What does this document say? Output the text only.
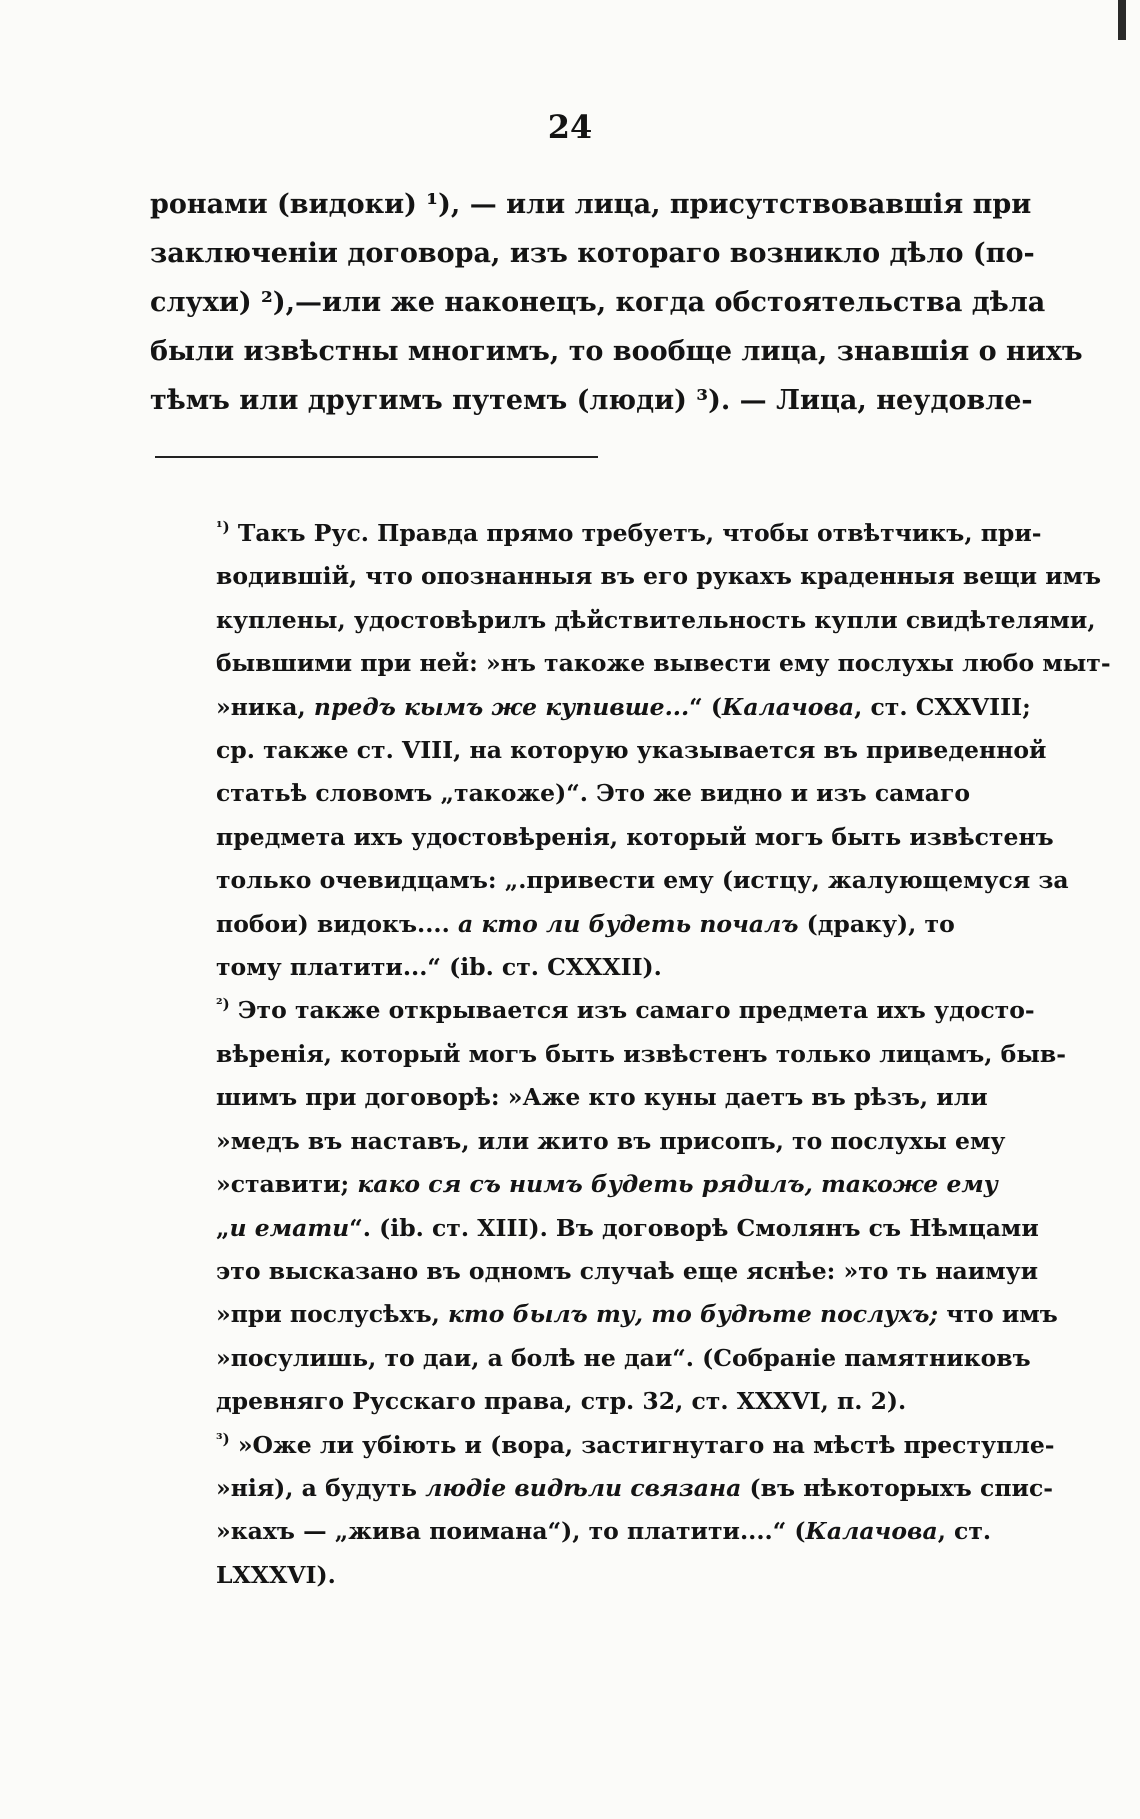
24
ронами (видоки) ¹), — или лица, присутствовавшія при
заключеніи договора, изъ котораго возникло дѣло (по-
слухи) ²),—или же наконецъ, когда обстоятельства дѣла
были извѣстны многимъ, то вообще лица, знавшія о нихъ
тѣмъ или другимъ путемъ (люди) ³). — Лица, неудовле-
$^{^1)}$ Такъ Рус. Правда прямо требуетъ, чтобы отвѣтчикъ, при-
водившій, что опознанныя въ его рукахъ краденныя вещи имъ
куплены, удостовѣрилъ дѣйствительность купли свидѣтелями,
бывшими при ней: »нъ такоже вывести ему послухы любо мыт-
»ника, предъ кымъ же купивше...“ (Калачова, ст. CXXVIII;
ср. также ст. VIII, на которую указывается въ приведенной
статьѣ словомъ „такоже)“. Это же видно и изъ самаго
предмета ихъ удостовѣренія, который могъ быть извѣстенъ
только очевидцамъ: „.привести ему (истцу, жалующемуся за
побои) видокъ.... а кто ли будеть почалъ (драку), то
тому платити...“ (ib. ст. CXXXII).
$^{^2)}$ Это также открывается изъ самаго предмета ихъ удосто-
вѣренія, который могъ быть извѣстенъ только лицамъ, быв-
шимъ при договорѣ: »Аже кто куны даетъ въ рѣзъ, или
»медъ въ наставъ, или жито въ присопъ, то послухы ему
»ставити; како ся съ нимъ будеть рядилъ, такоже ему
„и емати“. (ib. ст. XIII). Въ договорѣ Смолянъ съ Нѣмцами
это высказано въ одномъ случаѣ еще яснѣе: »то ть наимуи
»при послусѣхъ, кто былъ ту, то будѣте послухъ; что имъ
»посулишь, то даи, а болѣ не даи“. (Собраніе памятниковъ
древняго Русскаго права, стр. 32, ст. XXXVI, п. 2).
$^{^3)}$ »Оже ли убіють и (вора, застигнутаго на мѣстѣ преступле-
»нія), а будуть людіе видѣли связана (въ нѣкоторыхъ спис-
»кахъ — „жива поимана“), то платити....“ (Калачова, ст.
LXXXVI).
